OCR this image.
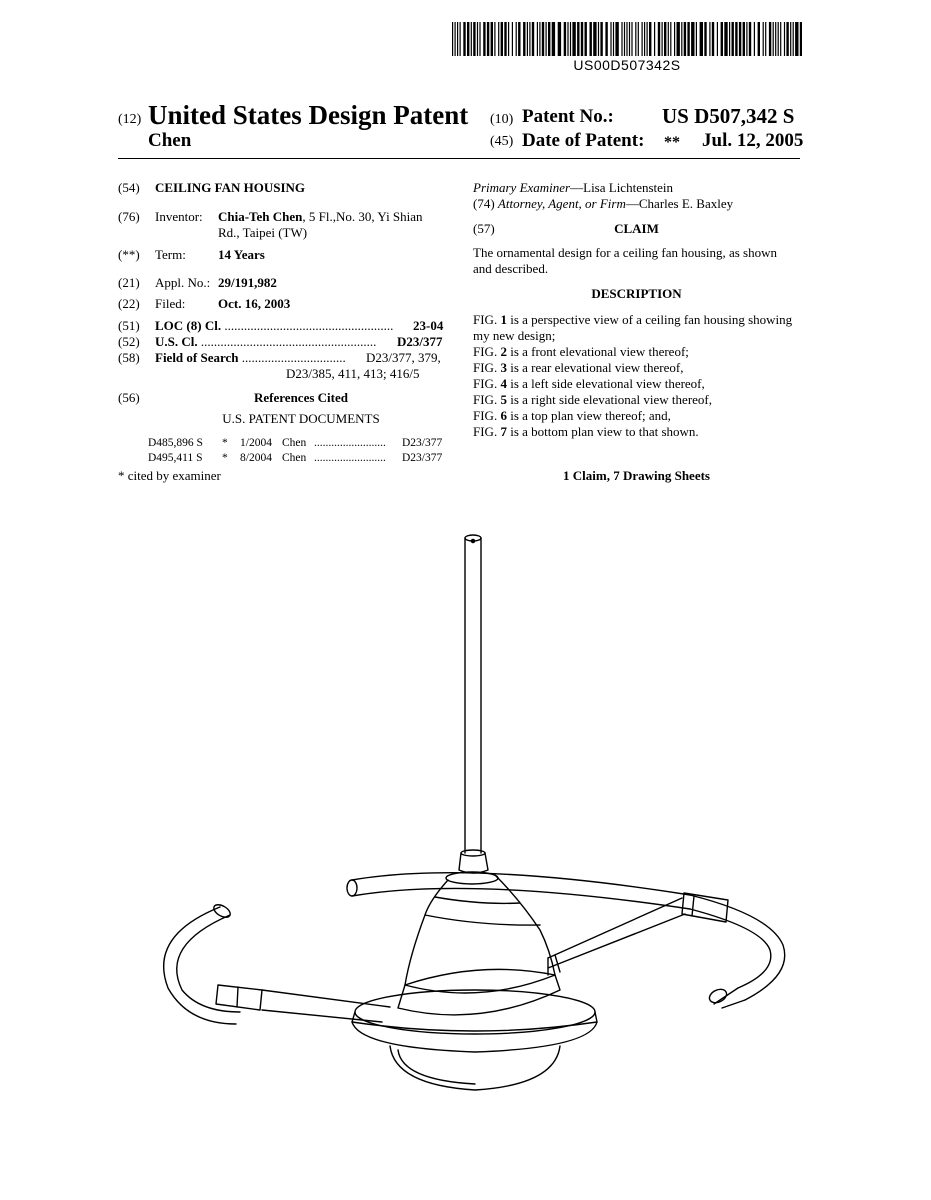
US00D507342S
(12) United States Design Patent (10) Patent No.: US D507,342 S
Chen	(45) Date of Patent: ** Jul. 12, 2005
(54) CEILING FAN HOUSING
(76) Inventor: Chia-Teh Chen, 5 Fl.,No. 30, Yi Shian
Rd., Taipei (TW)
(**) Term: 14 Years
(21) Appl. No.: 29/191,982
(22) Filed:	Oct. 16, 2003
(51) LOC (8) Cl. ....................................................	23-04
(52) U.S. Cl. ......................................................	D23/377
(58) Field of Search ................................	D23/377, 379,
D23/385, 411, 413; 416/5
(56)	References Cited
U.S. PATENT DOCUMENTS
D485,896 S * 1/2004 Chen ......................... D23/377
D495,411 S * 8/2004 Chen ......................... D23/377
* cited by examiner
Primary Examiner—Lisa Lichtenstein
(74) Attorney, Agent, or Firm—Charles E. Baxley
(57)	CLAIM
The ornamental design for a ceiling fan housing, as shown
and described.
DESCRIPTION
FIG. 1 is a perspective view of a ceiling fan housing showing
my new design;
FIG. 2 is a front elevational view thereof;
FIG. 3 is a rear elevational view thereof,
FIG. 4 is a left side elevational view thereof,
FIG. 5 is a right side elevational view thereof,
FIG. 6 is a top plan view thereof; and,
FIG. 7 is a bottom plan view to that shown.
1 Claim, 7 Drawing Sheets
